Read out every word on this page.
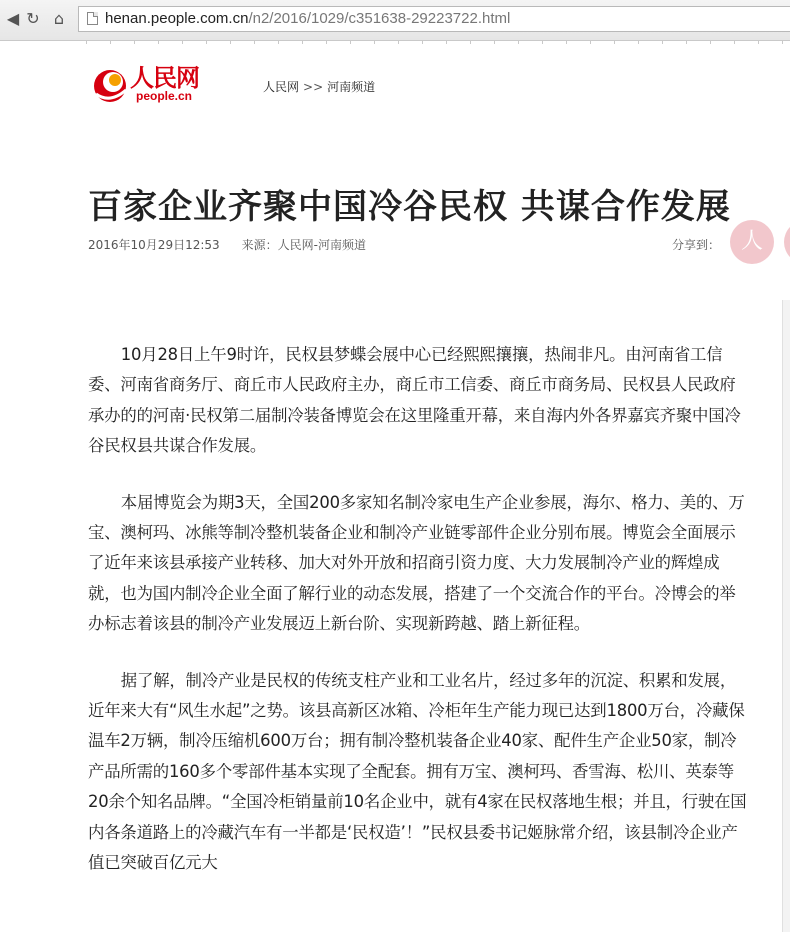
◀ ↻ ⌂	henan.people.com.cn/n2/2016/1029/c351638-29223722.html
人民网
people.cn
人民网 >> 河南频道
百家企业齐聚中国冷谷民权 共谋合作发展
2016年10月29日12:53 来源：人民网-河南频道	分享到： 人

10月28日上午9时许，民权县梦蝶会展中心已经熙熙攘攘，热闹非凡。由河南省工信委、河南省商务厅、商丘市人民政府主办，商丘市工信委、商丘市商务局、民权县人民政府承办的的河南·民权第二届制冷装备博览会在这里隆重开幕，来自海内外各界嘉宾齐聚中国冷谷民权县共谋合作发展。

本届博览会为期3天，全国200多家知名制冷家电生产企业参展，海尔、格力、美的、万宝、澳柯玛、冰熊等制冷整机装备企业和制冷产业链零部件企业分别布展。博览会全面展示了近年来该县承接产业转移、加大对外开放和招商引资力度、大力发展制冷产业的辉煌成就，也为国内制冷企业全面了解行业的动态发展，搭建了一个交流合作的平台。冷博会的举办标志着该县的制冷产业发展迈上新台阶、实现新跨越、踏上新征程。

据了解，制冷产业是民权的传统支柱产业和工业名片，经过多年的沉淀、积累和发展，近年来大有“风生水起”之势。该县高新区冰箱、冷柜年生产能力现已达到1800万台，冷藏保温车2万辆，制冷压缩机600万台；拥有制冷整机装备企业40家、配件生产企业50家，制冷产品所需的160多个零部件基本实现了全配套。拥有万宝、澳柯玛、香雪海、松川、英泰等20余个知名品牌。“全国冷柜销量前10名企业中，就有4家在民权落地生根；并且，行驶在国内各条道路上的冷藏汽车有一半都是‘民权造’！”民权县委书记姬脉常介绍，该县制冷企业产值已突破百亿元大
